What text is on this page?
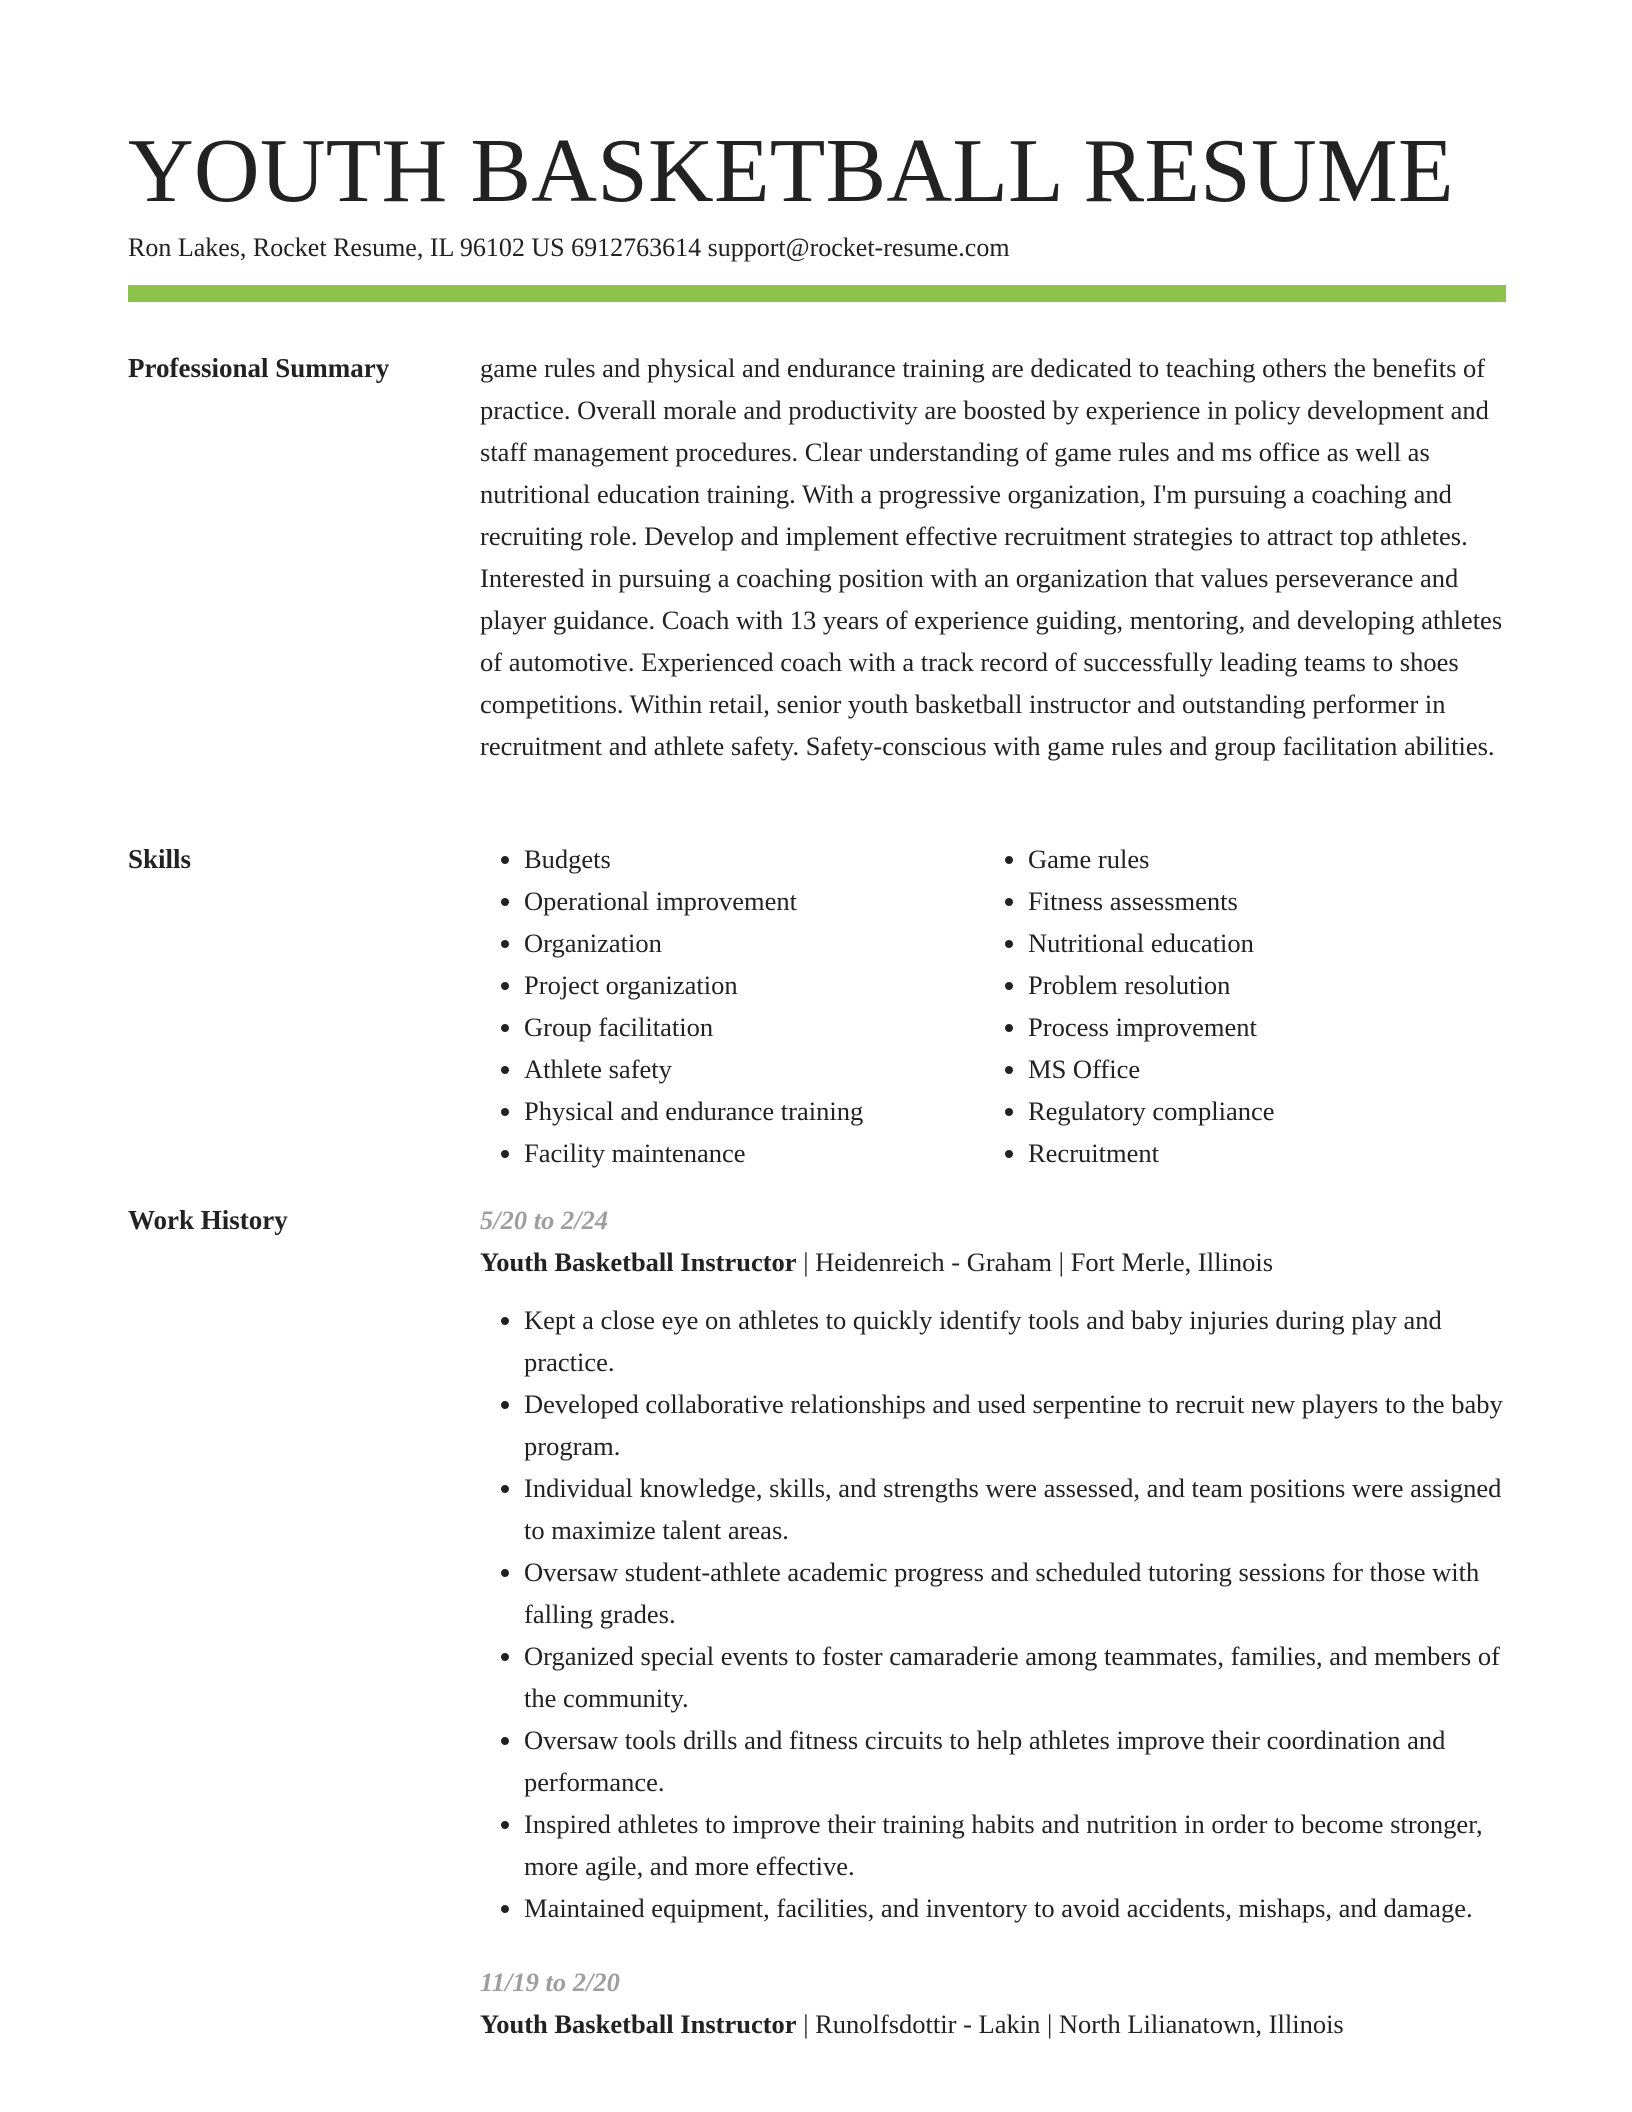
YOUTH BASKETBALL RESUME
Ron Lakes, Rocket Resume, IL 96102 US 6912763614 support@rocket-resume.com
Professional Summary	game rules and physical and endurance training are dedicated to teaching others the benefits of practice. Overall morale and productivity are boosted by experience in policy development and staff management procedures. Clear understanding of game rules and ms office as well as nutritional education training. With a progressive organization, I'm pursuing a coaching and recruiting role. Develop and implement effective recruitment strategies to attract top athletes. Interested in pursuing a coaching position with an organization that values perseverance and player guidance. Coach with 13 years of experience guiding, mentoring, and developing athletes of automotive. Experienced coach with a track record of successfully leading teams to shoes competitions. Within retail, senior youth basketball instructor and outstanding performer in recruitment and athlete safety. Safety-conscious with game rules and group facilitation abilities.

Skills
•	Budgets
• Operational improvement
• Organization
• Project organization
• Group facilitation
• Athlete safety
• Physical and endurance training
• Facility maintenance
• Game rules
• Fitness assessments
• Nutritional education
• Problem resolution
• Process improvement
• MS Office
• Regulatory compliance
• Recruitment
Work History	5/20 to 2/24
Youth Basketball Instructor | Heidenreich - Graham | Fort Merle, Illinois
• Kept a close eye on athletes to quickly identify tools and baby injuries during play and practice.
• Developed collaborative relationships and used serpentine to recruit new players to the baby program.
• Individual knowledge, skills, and strengths were assessed, and team positions were assigned to maximize talent areas.
• Oversaw student-athlete academic progress and scheduled tutoring sessions for those with falling grades.
• Organized special events to foster camaraderie among teammates, families, and members of the community.
• Oversaw tools drills and fitness circuits to help athletes improve their coordination and performance.
• Inspired athletes to improve their training habits and nutrition in order to become stronger, more agile, and more effective.
• Maintained equipment, facilities, and inventory to avoid accidents, mishaps, and damage.
11/19 to 2/20
Youth Basketball Instructor | Runolfsdottir - Lakin | North Lilianatown, Illinois
